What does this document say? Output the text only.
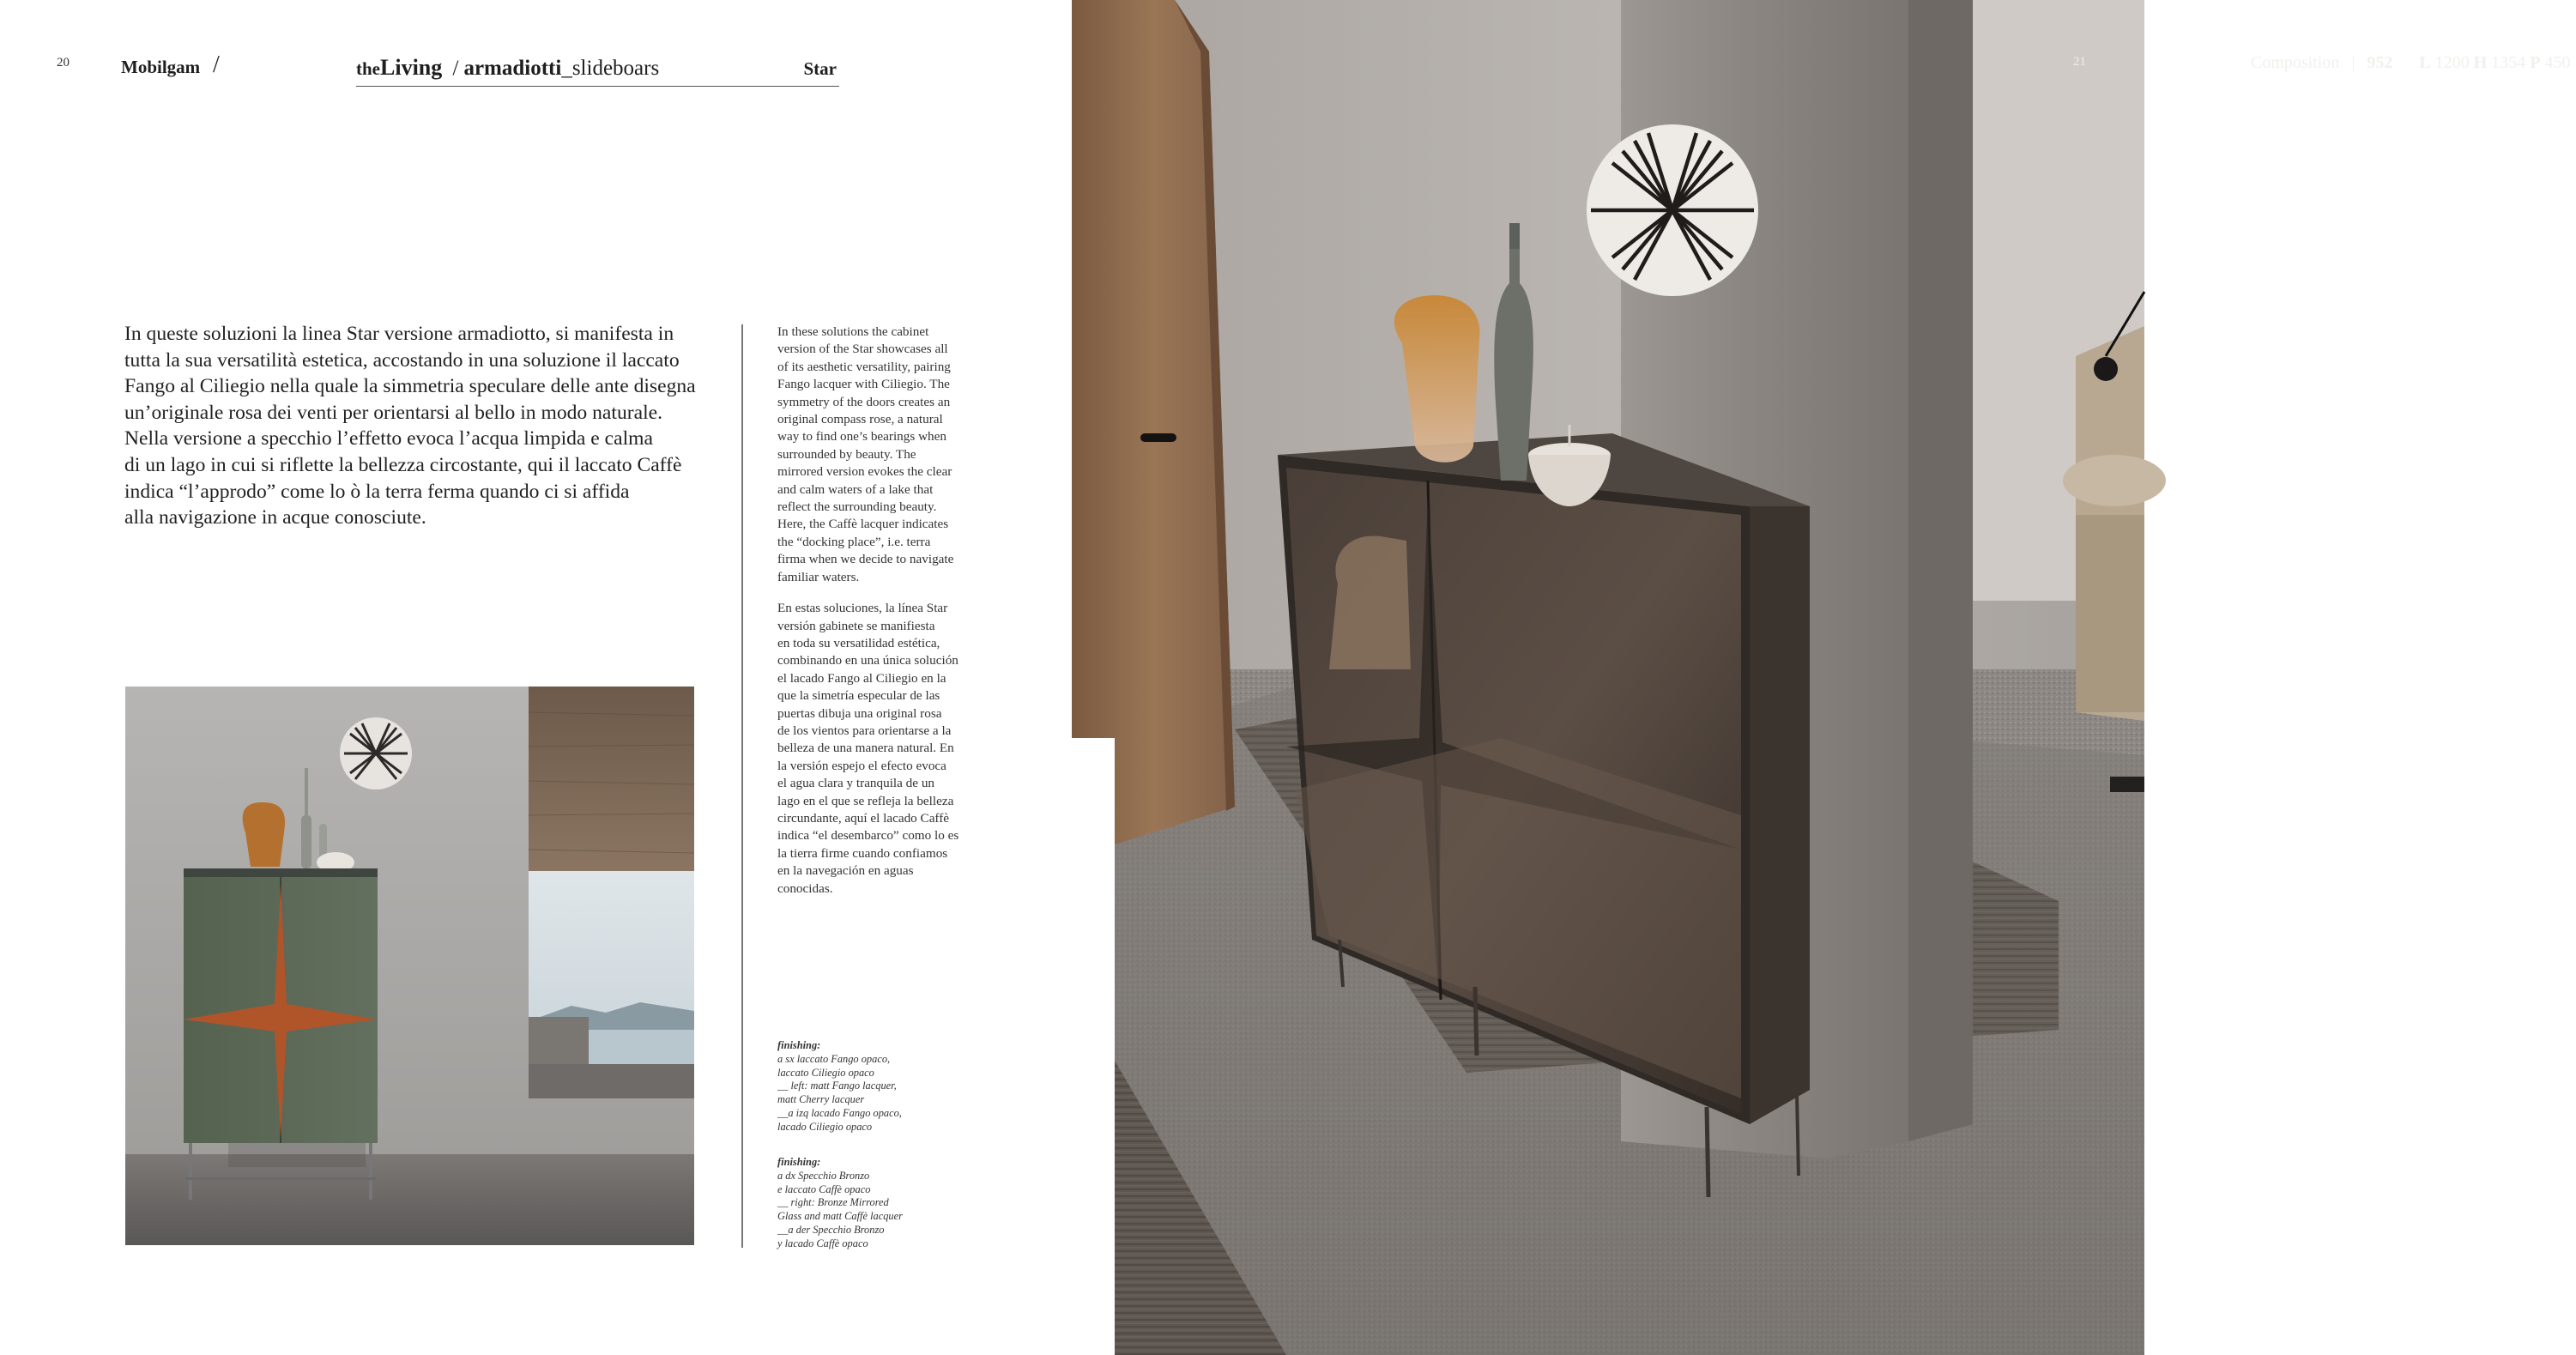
20	Mobilgam /	theLiving / armadiotti_slideboars	Star

In queste soluzioni la linea Star versione armadiotto, si manifesta in

tutta la sua versatilità estetica, accostando in una soluzione il laccato

Fango al Ciliegio nella quale la simmetria speculare delle ante disegna

un’originale rosa dei venti per orientarsi al bello in modo naturale.

Nella versione a specchio l’effetto evoca l’acqua limpida e calma

di un lago in cui si riflette la bellezza circostante, qui il laccato Caffè

indica “l’approdo” come lo ò la terra ferma quando ci si affida

alla navigazione in acque conosciute.

In these solutions the cabinet
version of the Star showcases all
of its aesthetic versatility, pairing
Fango lacquer with Ciliegio. The
symmetry of the doors creates an
original compass rose, a natural
way to find one’s bearings when
surrounded by beauty. The
mirrored version evokes the clear
and calm waters of a lake that
reflect the surrounding beauty.
Here, the Caffè lacquer indicates
the “docking place”, i.e. terra
firma when we decide to navigate
familiar waters.

En estas soluciones, la línea Star
versión gabinete se manifiesta
en toda su versatilidad estética,
combinando en una única solución
el lacado Fango al Ciliegio en la
que la simetría especular de las
puertas dibuja una original rosa
de los vientos para orientarse a la
belleza de una manera natural. En
la versión espejo el efecto evoca
el agua clara y tranquila de un
lago en el que se refleja la belleza
circundante, aquí el lacado Caffè
indica “el desembarco” como lo es
la tierra firme cuando confiamos
en la navegación en aguas
conocidas.

finishing:
a sx laccato Fango opaco,
laccato Ciliegio opaco
__ left: matt Fango lacquer,
matt Cherry lacquer
__a izq lacado Fango opaco,
lacado Ciliegio opaco
finishing:
a dx Specchio Bronzo
e laccato Caffè opaco
__ right: Bronze Mirrored
Glass and matt Caffè lacquer
__a der Specchio Bronzo
y lacado Caffè opaco
Composition | 952 L 1200 H 1354 P 450
21
